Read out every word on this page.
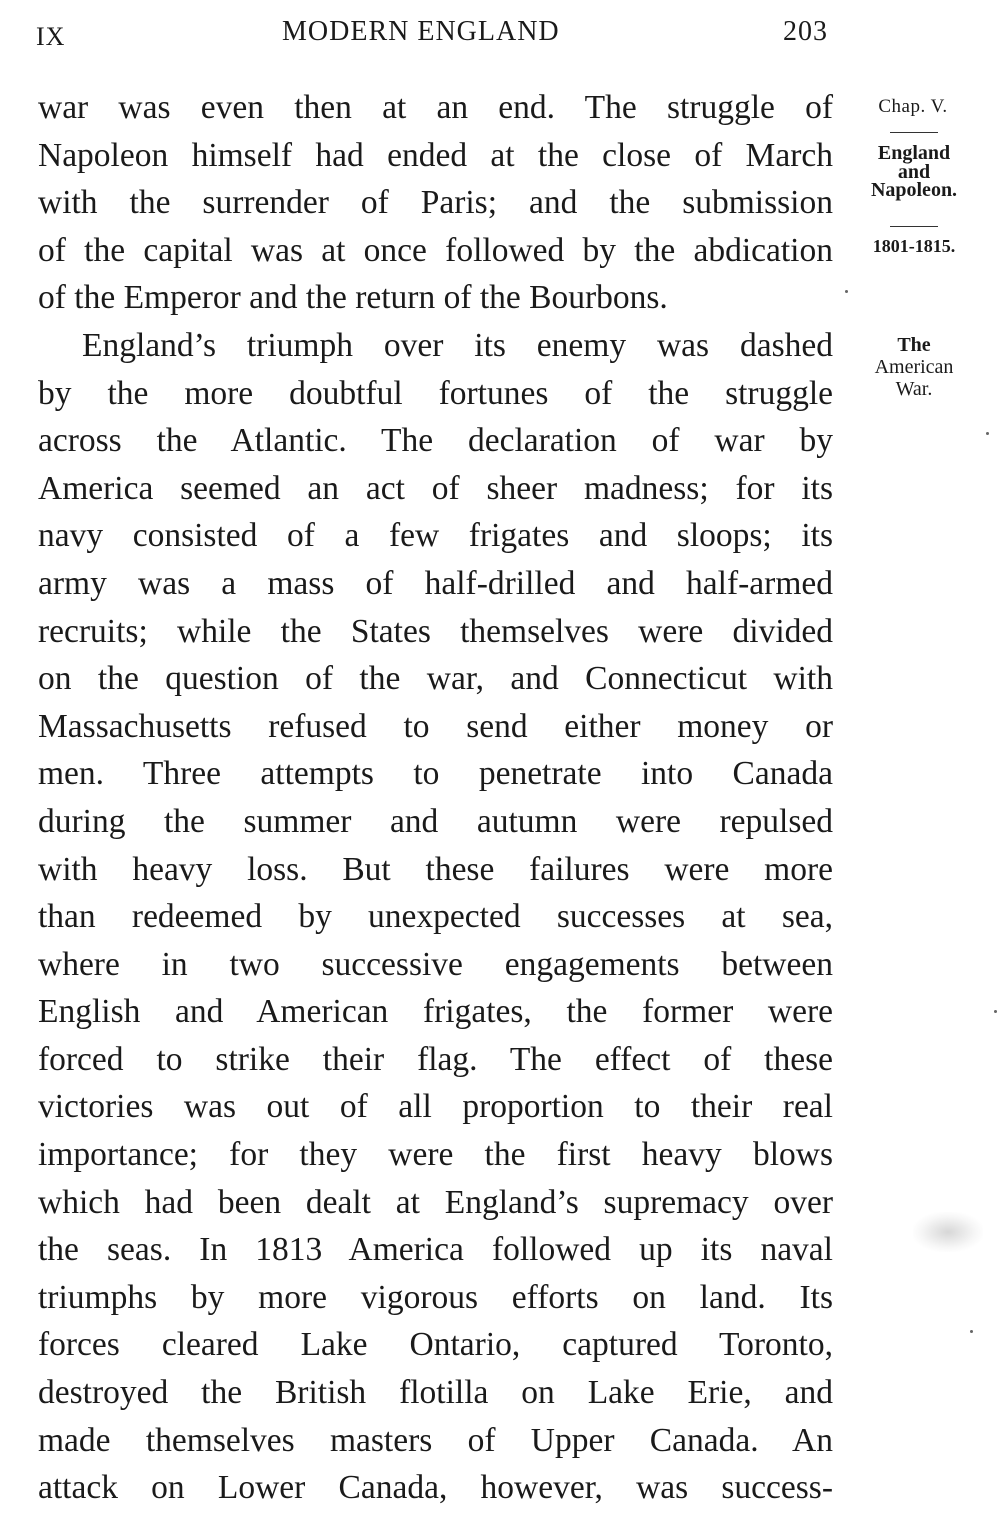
IX	MODERN ENGLAND	203
war was even then at an end. The struggle of
Napoleon himself had ended at the close of March
with the surrender of Paris; and the submission
of the capital was at once followed by the abdication
of the Emperor and the return of the Bourbons.
England’s triumph over its enemy was dashed
by the more doubtful fortunes of the struggle
across the Atlantic. The declaration of war by
America seemed an act of sheer madness; for its
navy consisted of a few frigates and sloops; its
army was a mass of half-drilled and half-armed
recruits; while the States themselves were divided
on the question of the war, and Connecticut with
Massachusetts refused to send either money or
men. Three attempts to penetrate into Canada
during the summer and autumn were repulsed
with heavy loss. But these failures were more
than redeemed by unexpected successes at sea,
where in two successive engagements between
English and American frigates, the former were
forced to strike their flag. The effect of these
victories was out of all proportion to their real
importance; for they were the first heavy blows
which had been dealt at England’s supremacy over
the seas. In 1813 America followed up its naval
triumphs by more vigorous efforts on land. Its
forces cleared Lake Ontario, captured Toronto,
destroyed the British flotilla on Lake Erie, and
made themselves masters of Upper Canada. An
attack on Lower Canada, however, was success-
Chap. V.
England
and
Napoleon.
1801-1815.
The
American
War.
